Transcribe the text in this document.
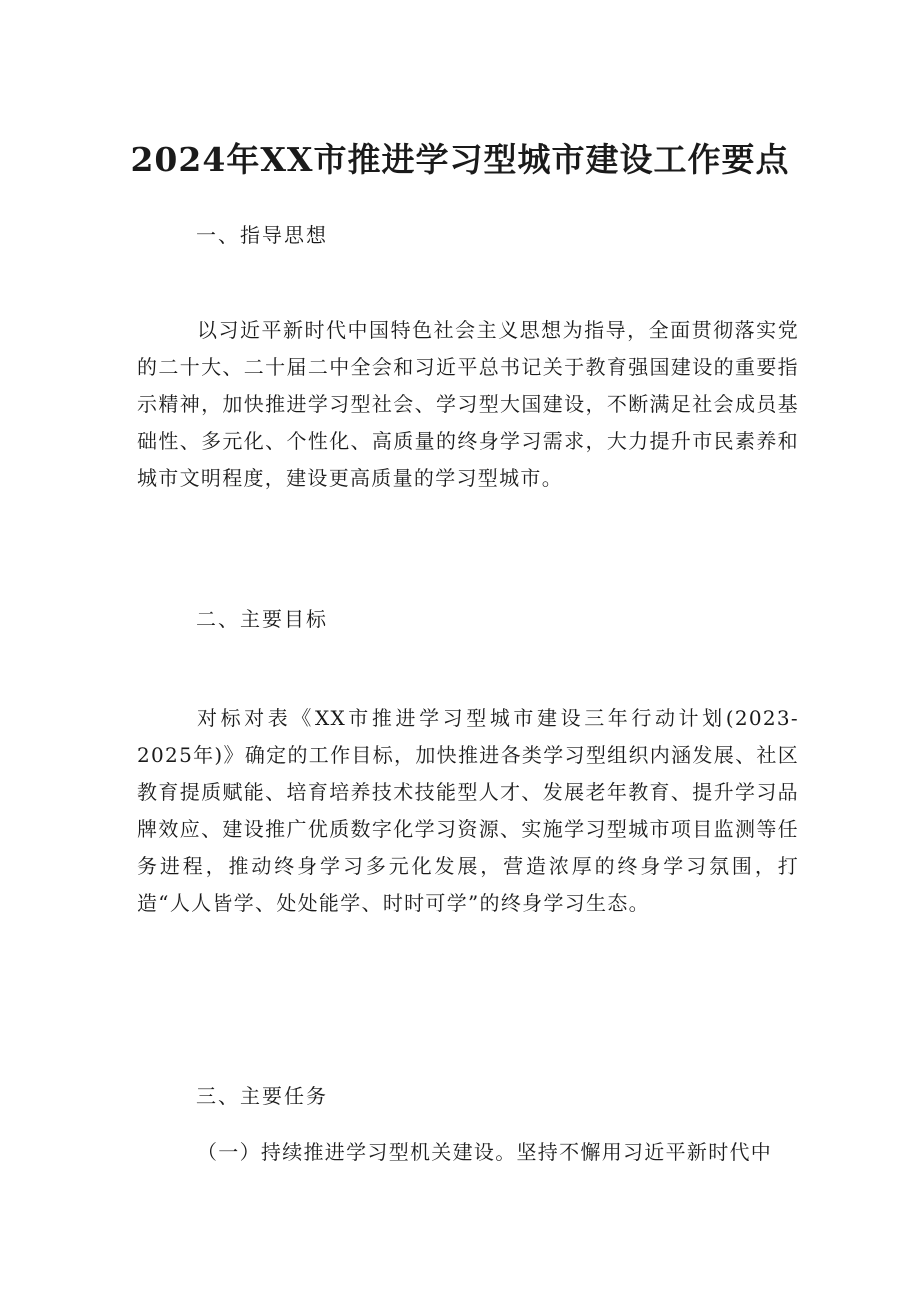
2024年XX市推进学习型城市建设工作要点
一、指导思想

以习近平新时代中国特色社会主义思想为指导，全面贯彻落实党的二十大、二十届二中全会和习近平总书记关于教育强国建设的重要指示精神，加快推进学习型社会、学习型大国建设，不断满足社会成员基础性、多元化、个性化、高质量的终身学习需求，大力提升市民素养和城市文明程度，建设更高质量的学习型城市。

二、主要目标

对标对表《XX市推进学习型城市建设三年行动计划(2023-2025年)》确定的工作目标，加快推进各类学习型组织内涵发展、社区教育提质赋能、培育培养技术技能型人才、发展老年教育、提升学习品牌效应、建设推广优质数字化学习资源、实施学习型城市项目监测等任务进程，推动终身学习多元化发展，营造浓厚的终身学习氛围，打造“人人皆学、处处能学、时时可学”的终身学习生态。

三、主要任务

（一）持续推进学习型机关建设。坚持不懈用习近平新时代中
